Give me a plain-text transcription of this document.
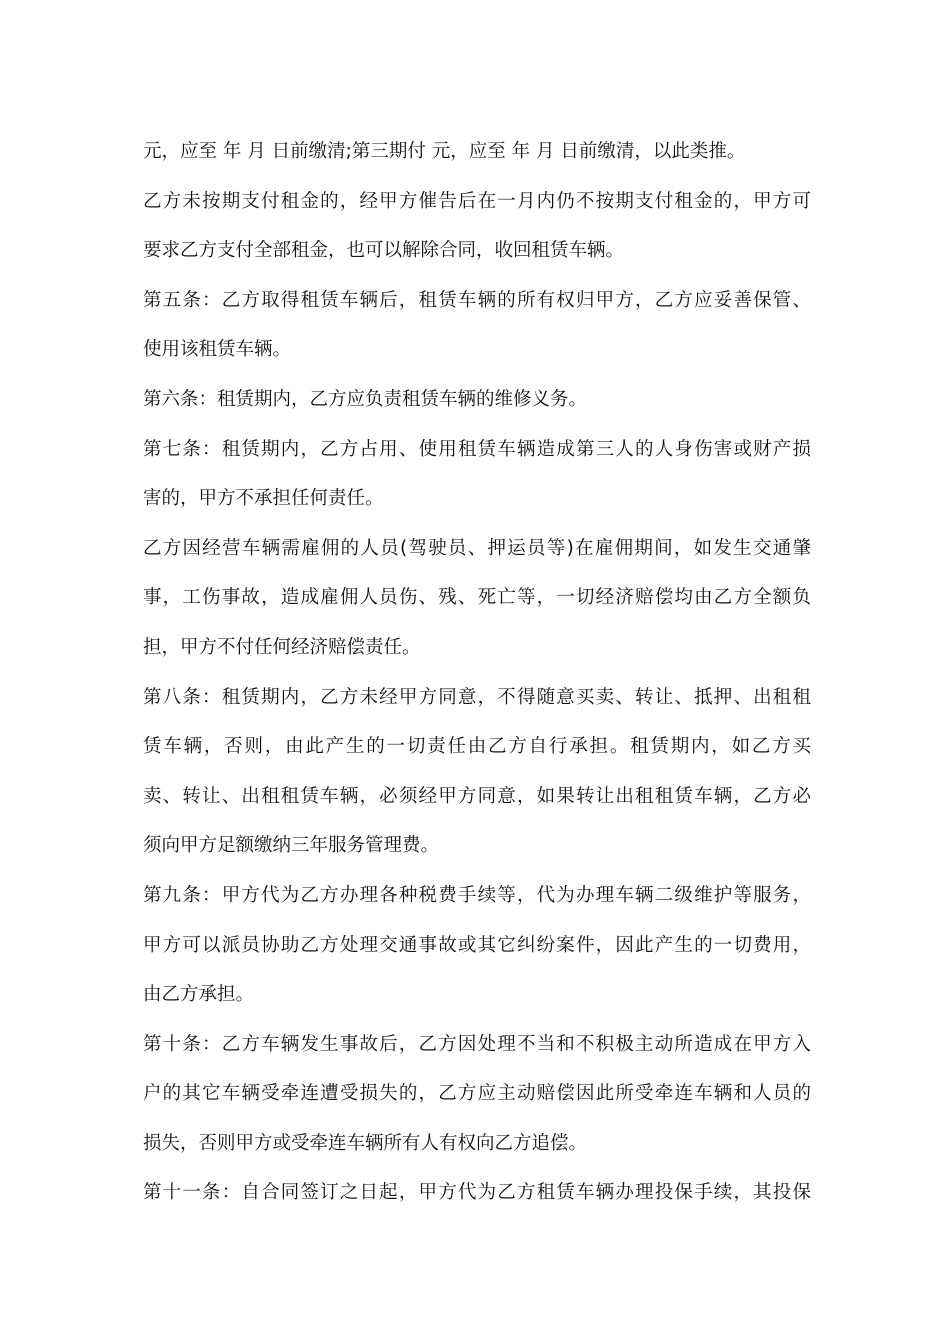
元，应至 年 月 日前缴清;第三期付 元，应至 年 月 日前缴清，以此类推。
乙方未按期支付租金的，经甲方催告后在一月内仍不按期支付租金的，甲方可
要求乙方支付全部租金，也可以解除合同，收回租赁车辆。
第五条：乙方取得租赁车辆后，租赁车辆的所有权归甲方，乙方应妥善保管、
使用该租赁车辆。
第六条：租赁期内，乙方应负责租赁车辆的维修义务。
第七条：租赁期内，乙方占用、使用租赁车辆造成第三人的人身伤害或财产损
害的，甲方不承担任何责任。
乙方因经营车辆需雇佣的人员(驾驶员、押运员等)在雇佣期间，如发生交通肇
事，工伤事故，造成雇佣人员伤、残、死亡等，一切经济赔偿均由乙方全额负
担，甲方不付任何经济赔偿责任。
第八条：租赁期内，乙方未经甲方同意，不得随意买卖、转让、抵押、出租租
赁车辆，否则，由此产生的一切责任由乙方自行承担。租赁期内，如乙方买
卖、转让、出租租赁车辆，必须经甲方同意，如果转让出租租赁车辆，乙方必
须向甲方足额缴纳三年服务管理费。
第九条：甲方代为乙方办理各种税费手续等，代为办理车辆二级维护等服务，
甲方可以派员协助乙方处理交通事故或其它纠纷案件，因此产生的一切费用，
由乙方承担。
第十条：乙方车辆发生事故后，乙方因处理不当和不积极主动所造成在甲方入
户的其它车辆受牵连遭受损失的，乙方应主动赔偿因此所受牵连车辆和人员的
损失，否则甲方或受牵连车辆所有人有权向乙方追偿。
第十一条：自合同签订之日起，甲方代为乙方租赁车辆办理投保手续，其投保
